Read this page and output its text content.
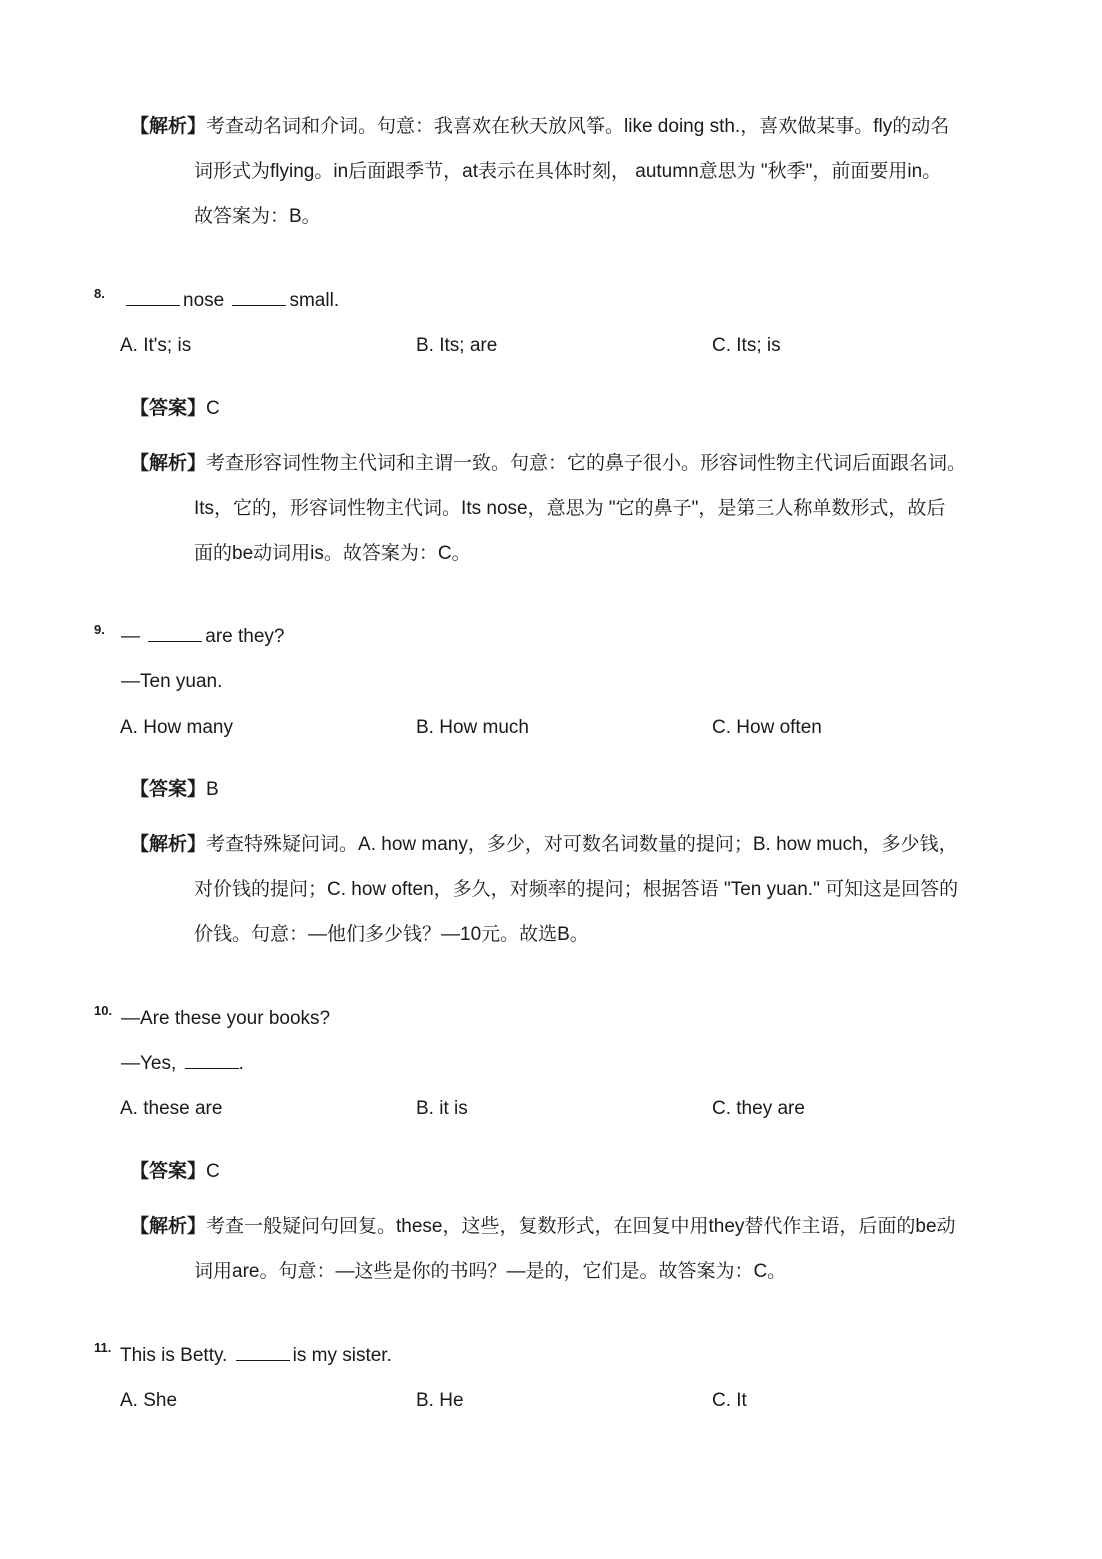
【解析】考查动名词和介词。句意：我喜欢在秋天放风筝。like doing sth.，喜欢做某事。fly的动名
词形式为flying。in后面跟季节，at表示在具体时刻， autumn意思为 "秋季"，前面要用in。
故答案为：B。
8.	nose	small.
A. It's; is	B. Its; are	C. Its; is
【答案】C
【解析】考查形容词性物主代词和主谓一致。句意：它的鼻子很小。形容词性物主代词后面跟名词。
Its，它的，形容词性物主代词。Its nose，意思为 "它的鼻子"，是第三人称单数形式，故后
面的be动词用is。故答案为：C。
9. —	are they?
—Ten yuan.
A. How many	B. How much	C. How often
【答案】B
【解析】考查特殊疑问词。A. how many，多少，对可数名词数量的提问；B. how much，多少钱，
对价钱的提问；C. how often，多久，对频率的提问；根据答语 "Ten yuan." 可知这是回答的
价钱。句意：—他们多少钱？—10元。故选B。
10. —Are these your books?
—Yes,	.
A. these are	B. it is	C. they are
【答案】C
【解析】考查一般疑问句回复。these，这些，复数形式，在回复中用they替代作主语，后面的be动
词用are。句意：—这些是你的书吗？—是的，它们是。故答案为：C。
11. This is Betty.	is my sister.
A. She	B. He	C. It
